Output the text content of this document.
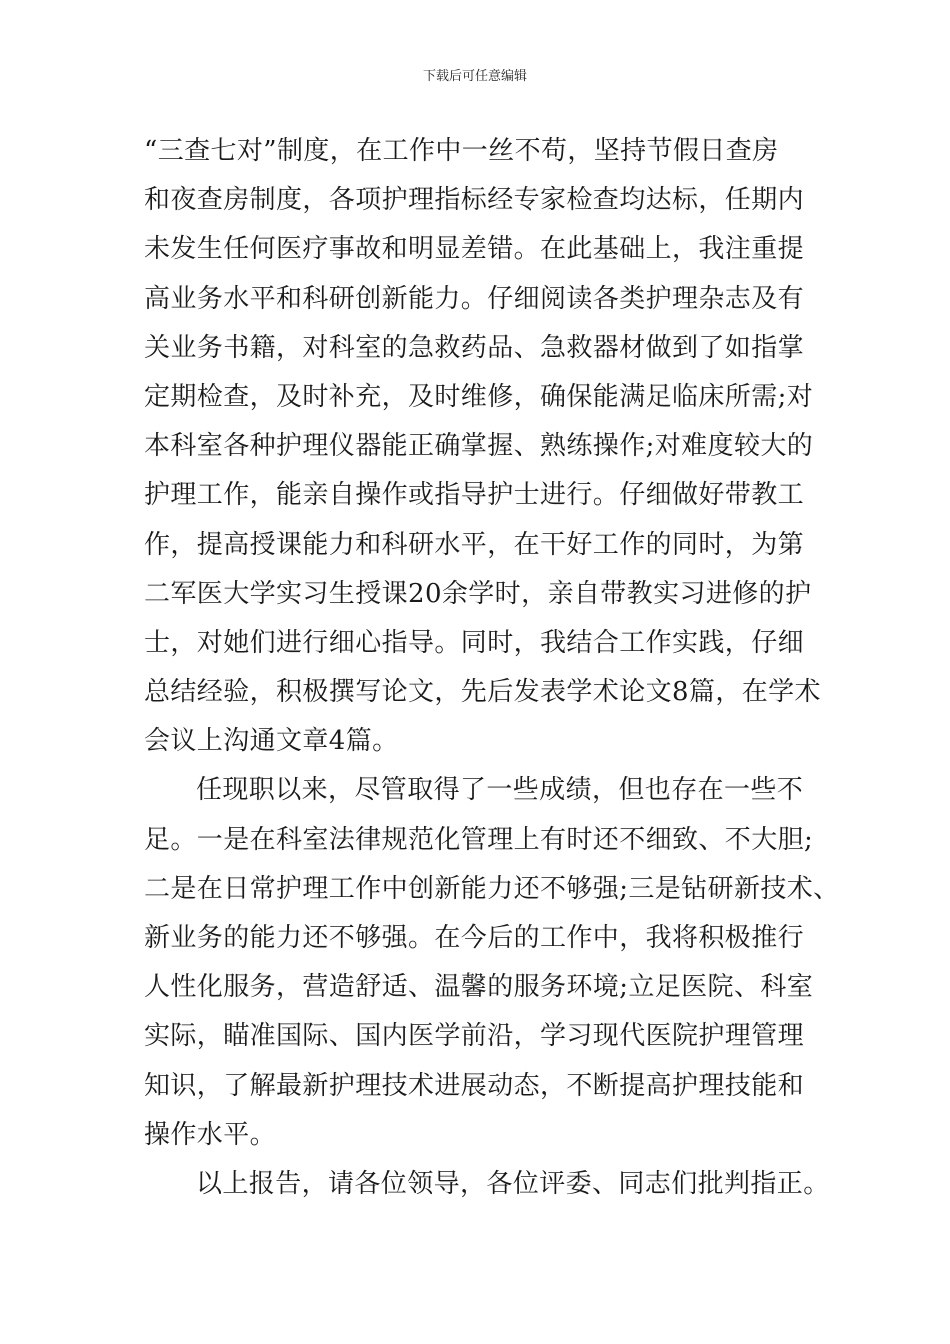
下载后可任意编辑
“三查七对”制度，在工作中一丝不苟，坚持节假日查房
和夜查房制度，各项护理指标经专家检查均达标，任期内
未发生任何医疗事故和明显差错。在此基础上，我注重提
高业务水平和科研创新能力。仔细阅读各类护理杂志及有
关业务书籍，对科室的急救药品、急救器材做到了如指掌
定期检查，及时补充，及时维修，确保能满足临床所需;对
本科室各种护理仪器能正确掌握、熟练操作;对难度较大的
护理工作，能亲自操作或指导护士进行。仔细做好带教工
作，提高授课能力和科研水平，在干好工作的同时，为第
二军医大学实习生授课20余学时，亲自带教实习进修的护
士，对她们进行细心指导。同时，我结合工作实践，仔细
总结经验，积极撰写论文，先后发表学术论文8篇，在学术
会议上沟通文章4篇。
任现职以来，尽管取得了一些成绩，但也存在一些不
足。一是在科室法律规范化管理上有时还不细致、不大胆;
二是在日常护理工作中创新能力还不够强;三是钻研新技术、
新业务的能力还不够强。在今后的工作中，我将积极推行
人性化服务，营造舒适、温馨的服务环境;立足医院、科室
实际，瞄准国际、国内医学前沿，学习现代医院护理管理
知识，了解最新护理技术进展动态，不断提高护理技能和
操作水平。
以上报告，请各位领导，各位评委、同志们批判指正。
